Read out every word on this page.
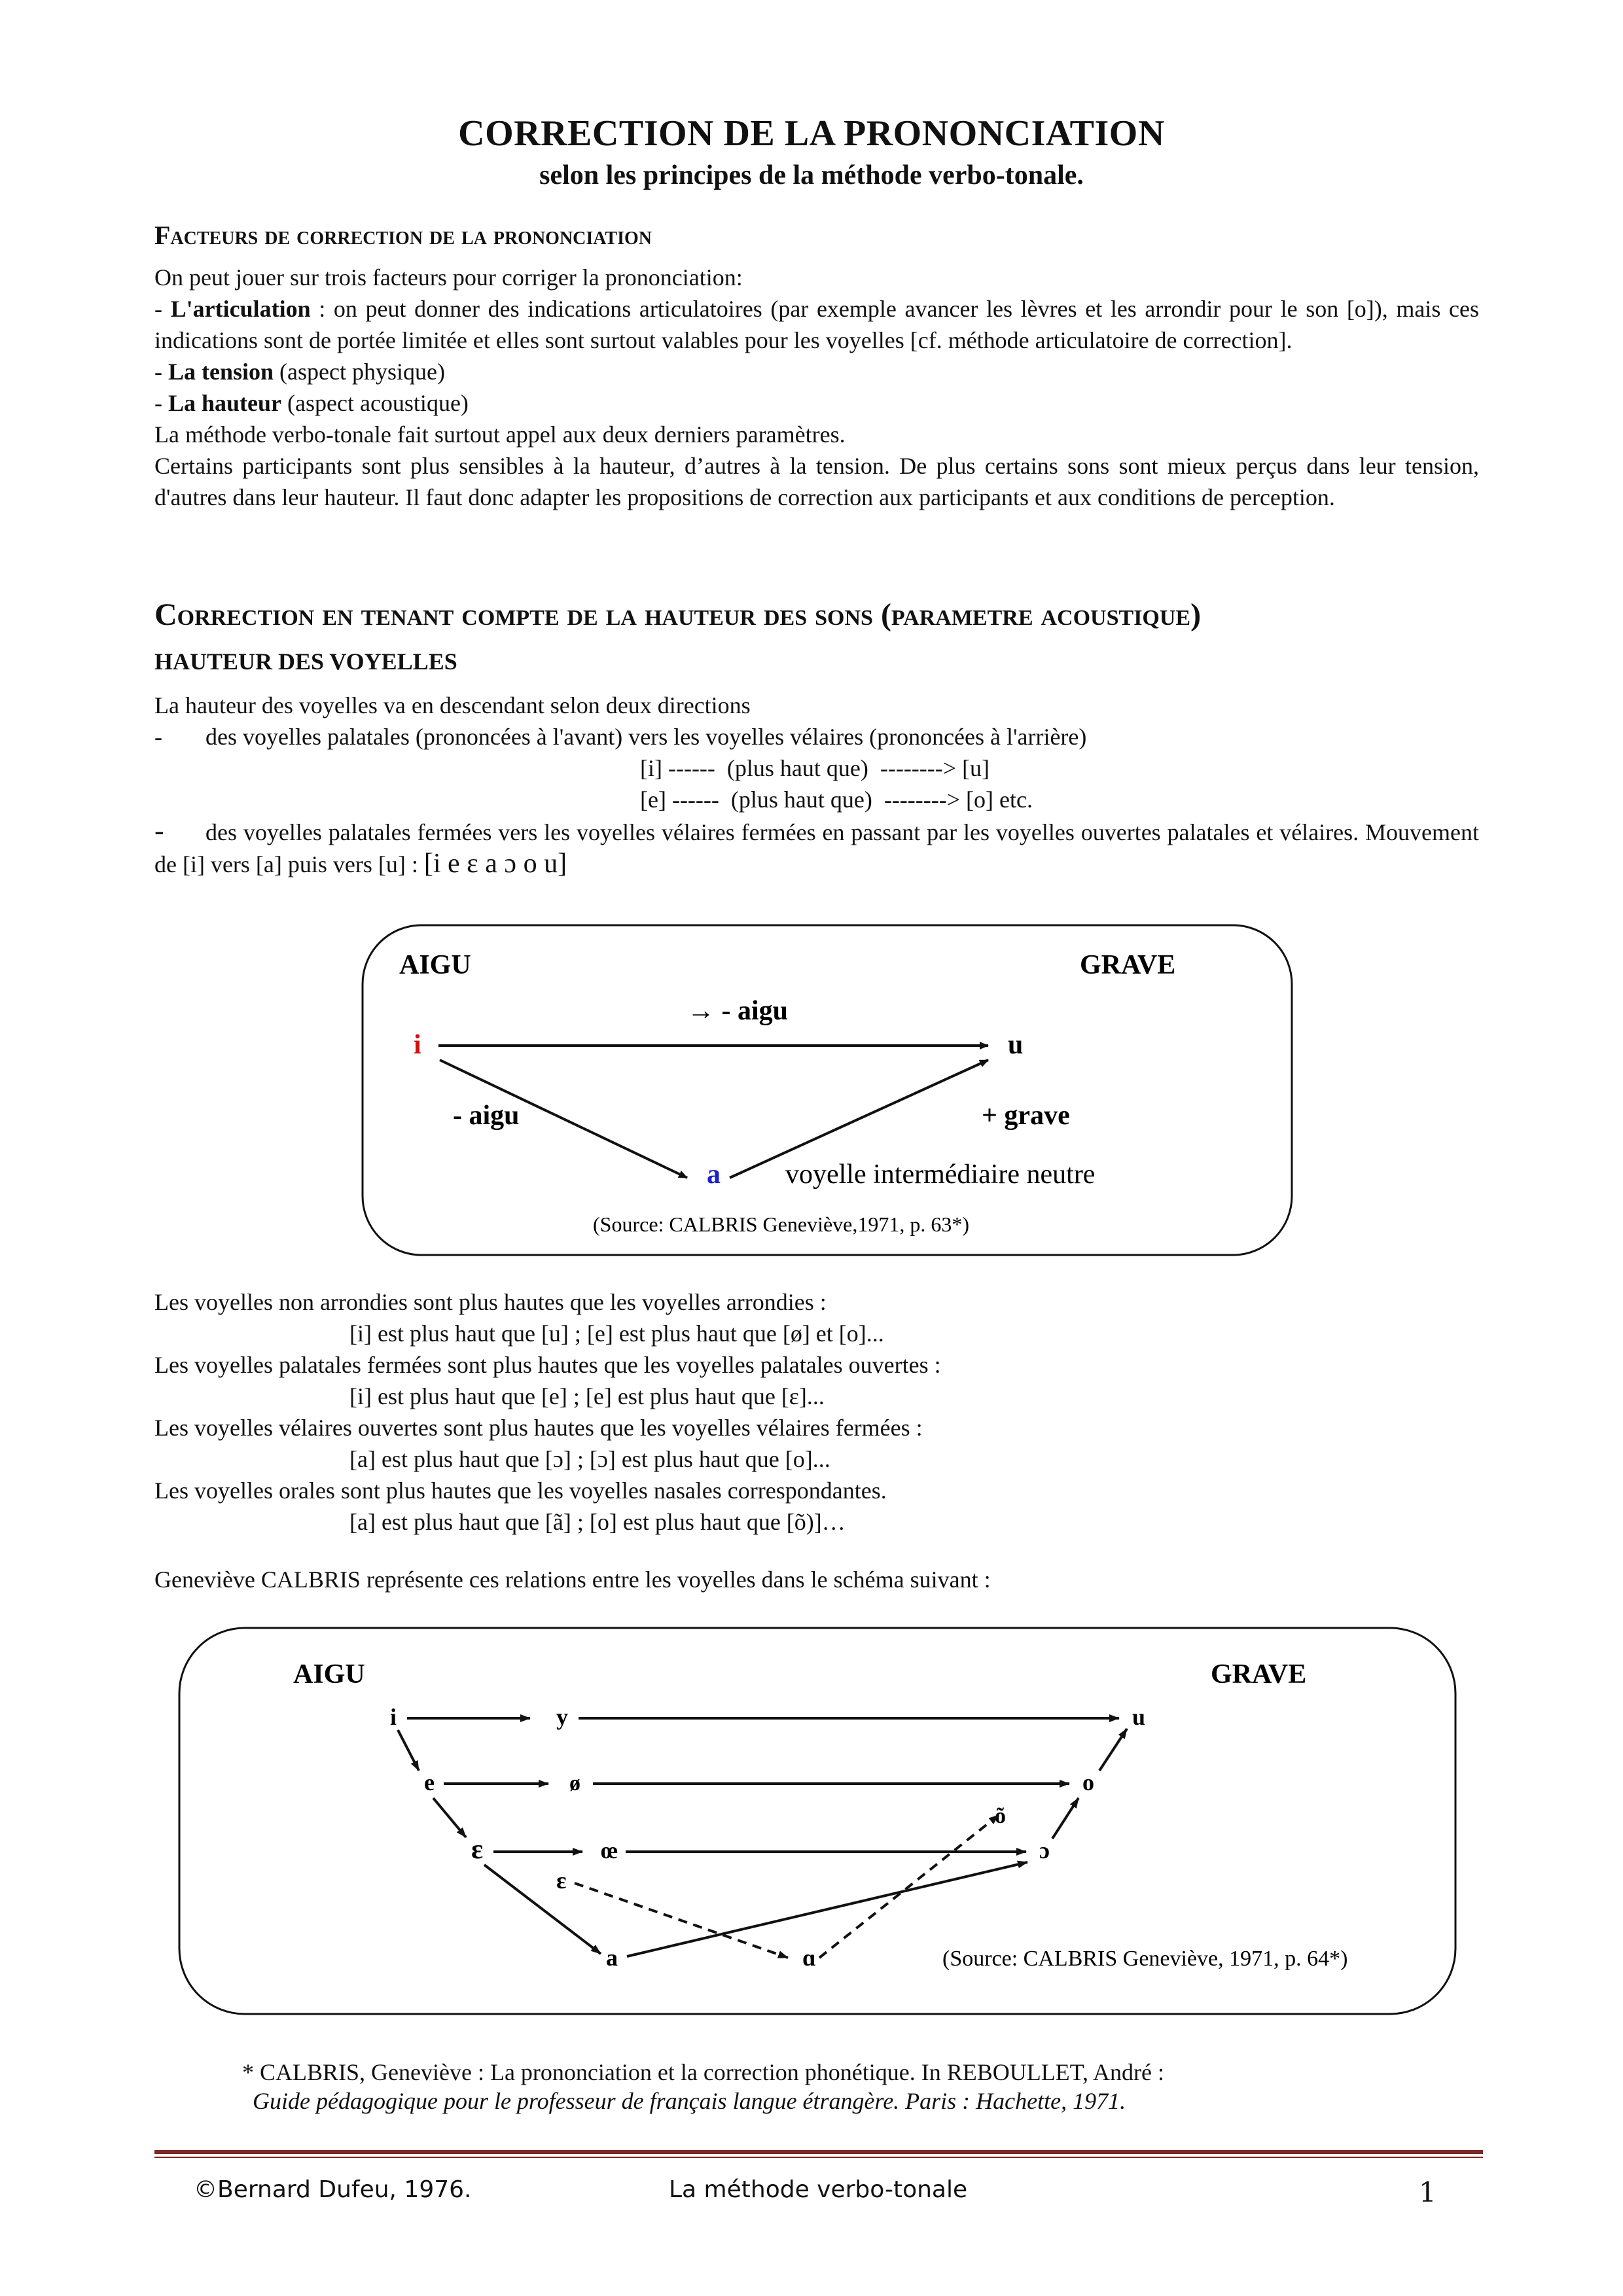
CORRECTION DE LA PRONONCIATION
selon les principes de la méthode verbo-tonale.
Facteurs de correction de la prononciation

On peut jouer sur trois facteurs pour corriger la prononciation:

- L'articulation : on peut donner des indications articulatoires (par exemple avancer les lèvres et les arrondir pour le son [o]), mais ces indications sont de portée limitée et elles sont surtout valables pour les voyelles [cf. méthode articulatoire de correction].

- La tension (aspect physique)

- La hauteur (aspect acoustique)

La méthode verbo-tonale fait surtout appel aux deux derniers paramètres.

Certains participants sont plus sensibles à la hauteur, d’autres à la tension. De plus certains sons sont mieux perçus dans leur tension, d'autres dans leur hauteur. Il faut donc adapter les propositions de correction aux participants et aux conditions de perception.

Correction en tenant compte de la hauteur des sons (parametre acoustique)
HAUTEUR DES VOYELLES

La hauteur des voyelles va en descendant selon deux directions

- des voyelles palatales (prononcées à l'avant) vers les voyelles vélaires (prononcées à l'arrière)

[i] ------  (plus haut que)  --------> [u]

[e] ------  (plus haut que)  --------> [o] etc.

- des voyelles palatales fermées vers les voyelles vélaires fermées en passant par les voyelles ouvertes palatales et vélaires. Mouvement de [i] vers [a] puis vers [u] : [i e ɛ a ɔ o u]

AIGU	GRAVE
→ - aigu
i	u
- aigu	+ grave
a voyelle intermédiaire neutre
(Source: CALBRIS Geneviève,1971, p. 63*)

Les voyelles non arrondies sont plus hautes que les voyelles arrondies :

[i] est plus haut que [u] ; [e] est plus haut que [ø] et [o]...

Les voyelles palatales fermées sont plus hautes que les voyelles palatales ouvertes :

[i] est plus haut que [e] ; [e] est plus haut que [ɛ]...

Les voyelles vélaires ouvertes sont plus hautes que les voyelles vélaires fermées :

[a] est plus haut que [ɔ] ; [ɔ] est plus haut que [o]...

Les voyelles orales sont plus hautes que les voyelles nasales correspondantes.

[a] est plus haut que [ã] ; [o] est plus haut que [õ)]…

Geneviève CALBRIS représente ces relations entre les voyelles dans le schéma suivant :
AIGU	GRAVE
i	y	u
e	ø	o
õ
ɛ	œ	ɔ
ɛ
a	ɑ	(Source: CALBRIS Geneviève, 1971, p. 64*)
* CALBRIS, Geneviève : La prononciation et la correction phonétique. In REBOULLET, André :
Guide pédagogique pour le professeur de français langue étrangère. Paris : Hachette, 1971.
©Bernard Dufeu, 1976.	La méthode verbo-tonale	1
